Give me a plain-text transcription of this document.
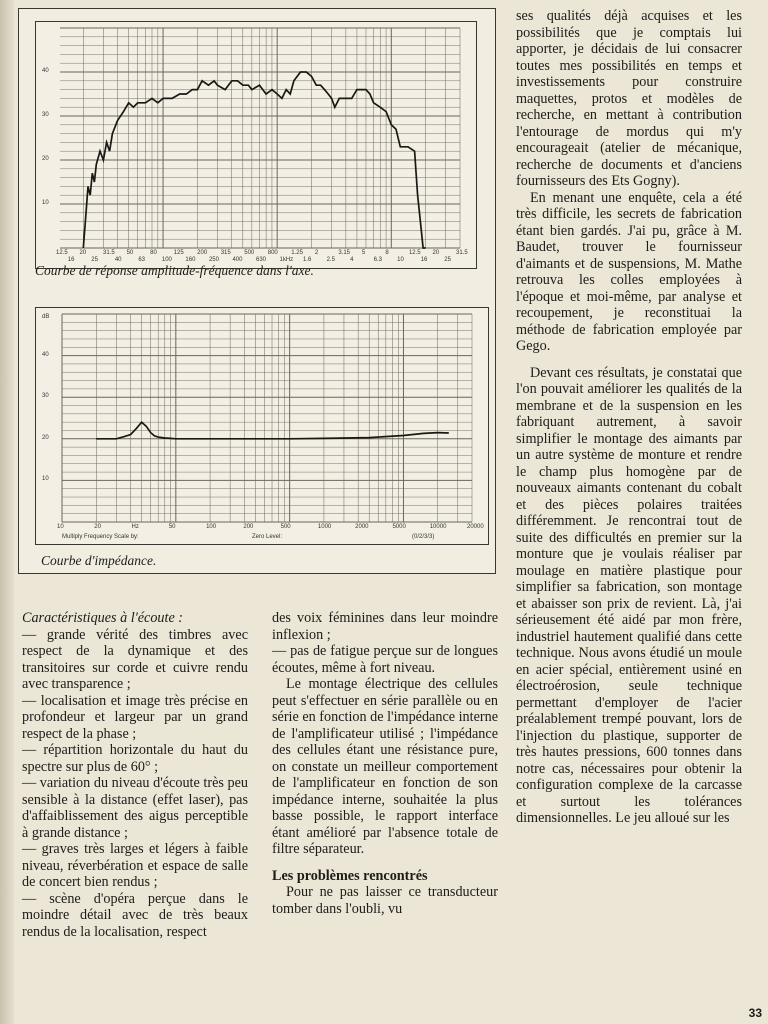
12.5
16
20
25
31.5
40
50
63
80
100
125
160
200
250
315
400
500
630
800
1kHz
1.25
1.6
2
2.5
3.15
4
5
6.3
8
10
12.5
16
20
25
31.5
40
30
20
10
Courbe de réponse amplitude-fréquence dans l'axe.
10	20	Hz	50	100	200	500	1000	2000	5000	10000	20000
dB
40
30
20
10
Multiply Frequency Scale by:	Zero Level:	(0/2/3/3)
Courbe d'impédance.

Caractéristiques à l'écoute :

— grande vérité des timbres avec respect de la dynamique et des transitoires sur corde et cuivre rendu avec transparence ;

— localisation et image très précise en profondeur et largeur par un grand respect de la phase ;

— répartition horizontale du haut du spectre sur plus de 60° ;

— variation du niveau d'écoute très peu sensible à la distance (effet laser), pas d'affaiblissement des aigus perceptible à grande distance ;

— graves très larges et légers à faible niveau, réverbération et espace de salle de concert bien rendus ;

— scène d'opéra perçue dans le moindre détail avec de très beaux rendus de la localisation, respect

des voix féminines dans leur moindre inflexion ;

— pas de fatigue perçue sur de longues écoutes, même à fort niveau.

Le montage électrique des cellules peut s'effectuer en série parallèle ou en série en fonction de l'impédance interne de l'amplificateur utilisé ; l'impédance des cellules étant une résistance pure, on constate un meilleur comportement de l'amplificateur en fonction de son impédance interne, souhaitée la plus basse possible, le rapport interface étant amélioré par l'absence totale de filtre séparateur.

Les problèmes rencontrés

Pour ne pas laisser ce transducteur tomber dans l'oubli, vu

ses qualités déjà acquises et les possibilités que je comptais lui apporter, je décidais de lui consacrer toutes mes possibilités en temps et investissements pour construire maquettes, protos et modèles de recherche, en mettant à contribution l'entourage de mordus qui m'y encourageait (atelier de mécanique, recherche de documents et d'anciens fournisseurs des Ets Gogny).

En menant une enquête, cela a été très difficile, les secrets de fabrication étant bien gardés. J'ai pu, grâce à M. Baudet, trouver le fournisseur d'aimants et de suspensions, M. Mathe retrouva les colles employées à l'époque et moi-même, par analyse et recoupement, je reconstituai la méthode de fabrication employée par Gego.

Devant ces résultats, je constatai que l'on pouvait améliorer les qualités de la membrane et de la suspension en les fabriquant autrement, à savoir simplifier le montage des aimants par un autre système de monture et rendre le champ plus homogène par de nouveaux aimants contenant du cobalt et des pièces polaires traitées différemment. Je rencontrai tout de suite des difficultés en premier sur la monture que je voulais réaliser par moulage en matière plastique pour simplifier sa fabrication, son montage et abaisser son prix de revient. Là, j'ai sérieusement été aidé par mon frère, industriel hautement qualifié dans cette technique. Nous avons étudié un moule en acier spécial, entièrement usiné en électroérosion, seule technique permettant d'employer de l'acier préalablement trempé pouvant, lors de l'injection du plastique, supporter de très hautes pressions, 600 tonnes dans notre cas, nécessaires pour obtenir la configuration complexe de la carcasse et surtout les tolérances dimensionnelles. Le jeu alloué sur les

33
